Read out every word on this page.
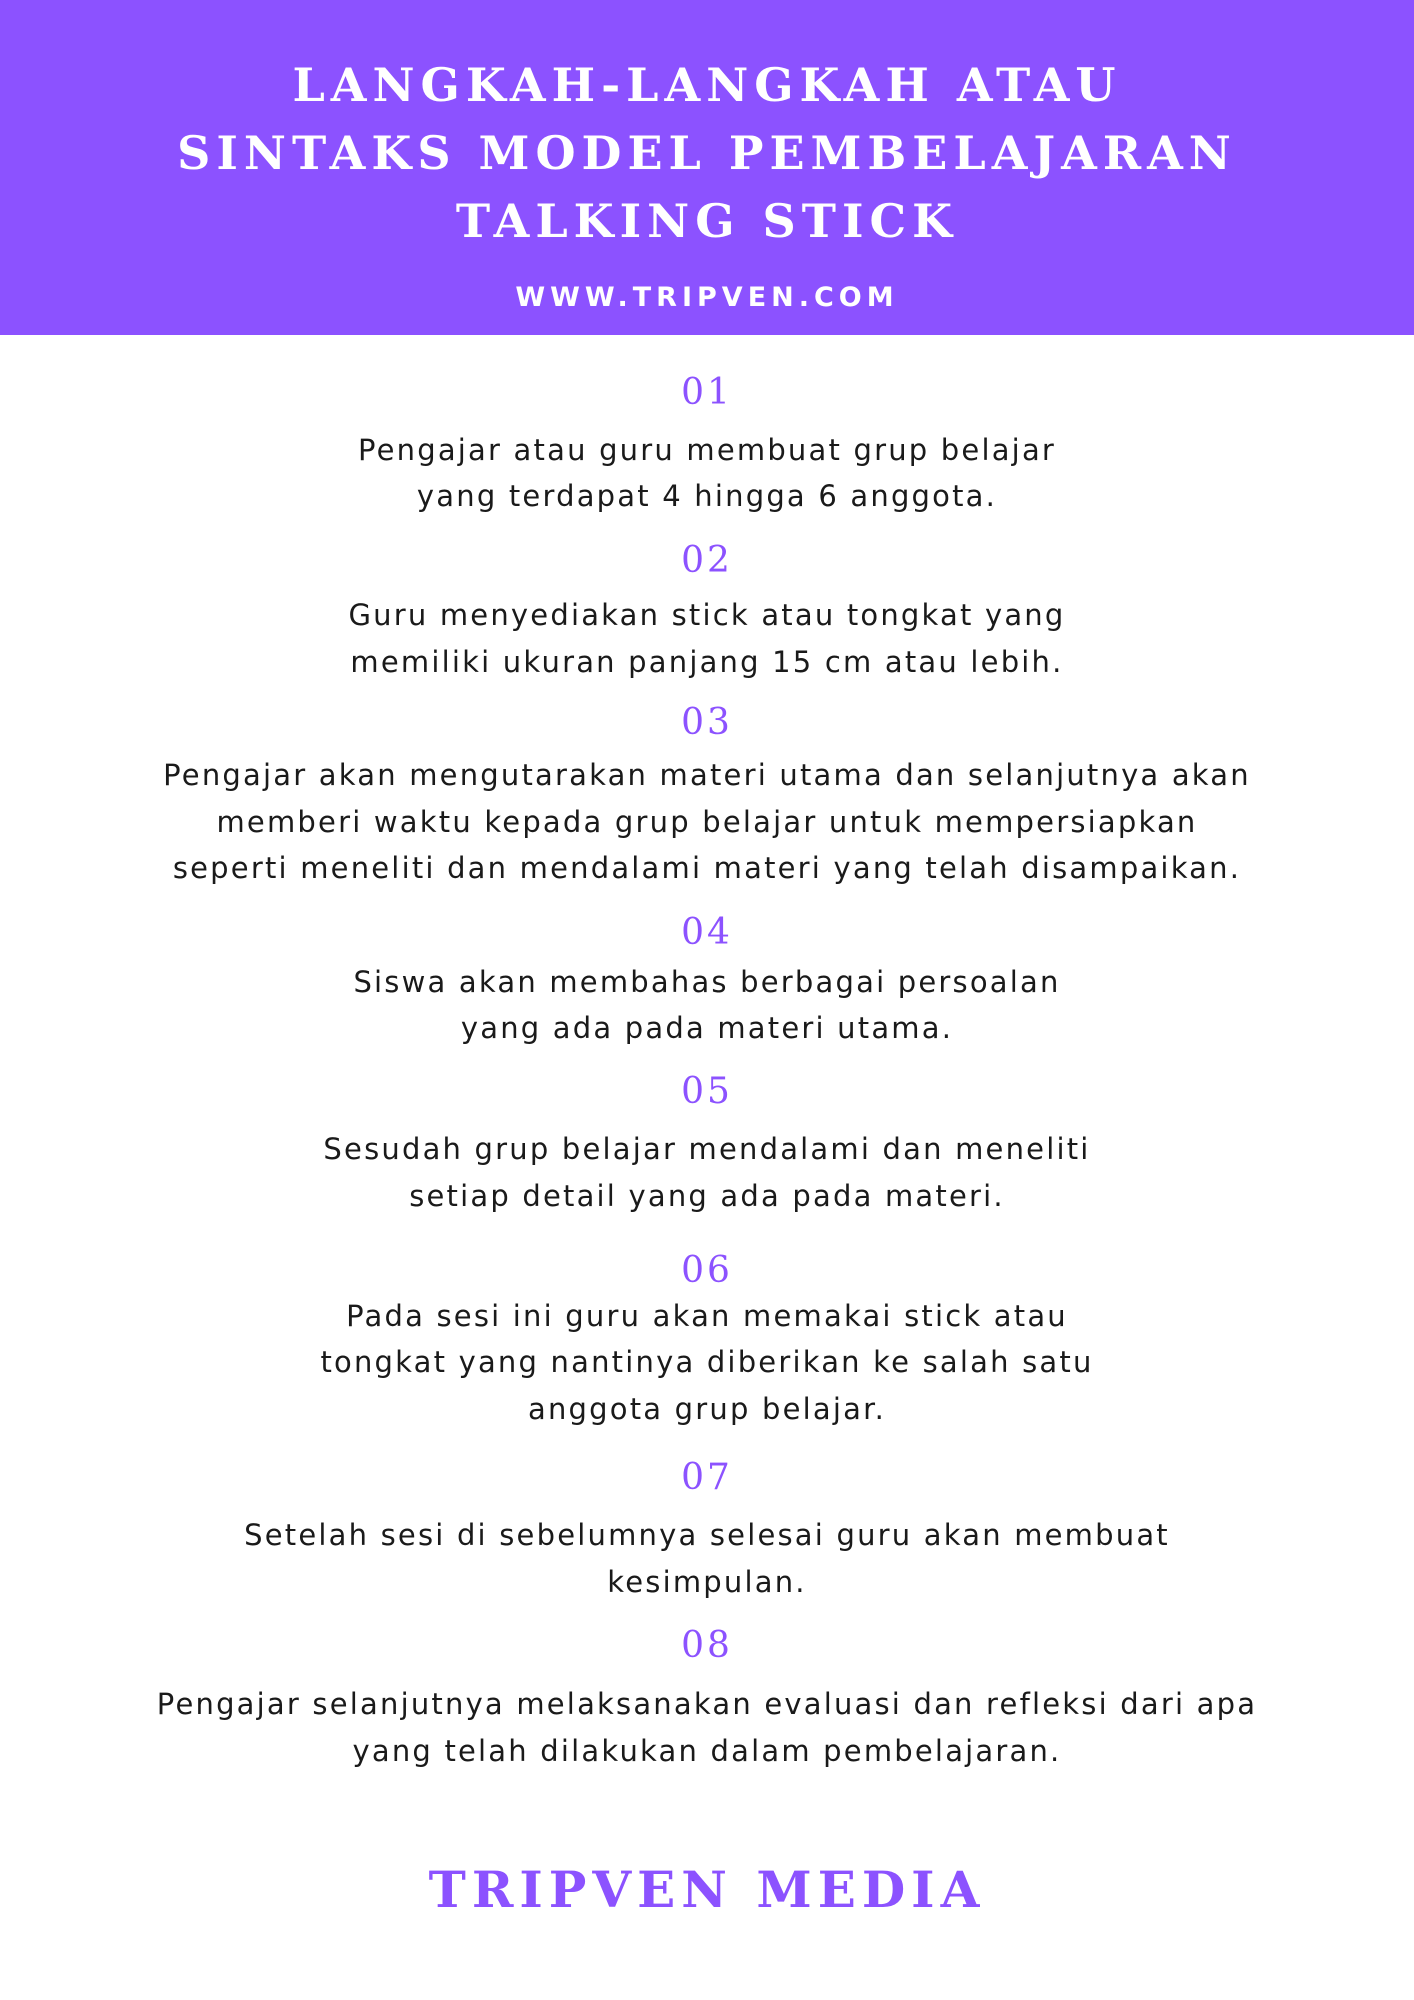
LANGKAH-LANGKAH ATAU
SINTAKS MODEL PEMBELAJARAN
TALKING STICK
WWW.TRIPVEN.COM
01
Pengajar atau guru membuat grup belajar
yang terdapat 4 hingga 6 anggota.
02
Guru menyediakan stick atau tongkat yang
memiliki ukuran panjang 15 cm atau lebih.
03
Pengajar akan mengutarakan materi utama dan selanjutnya akan
memberi waktu kepada grup belajar untuk mempersiapkan
seperti meneliti dan mendalami materi yang telah disampaikan.
04
Siswa akan membahas berbagai persoalan
yang ada pada materi utama.
05
Sesudah grup belajar mendalami dan meneliti
setiap detail yang ada pada materi.
06
Pada sesi ini guru akan memakai stick atau
tongkat yang nantinya diberikan ke salah satu
anggota grup belajar.
07
Setelah sesi di sebelumnya selesai guru akan membuat
kesimpulan.
08
Pengajar selanjutnya melaksanakan evaluasi dan refleksi dari apa
yang telah dilakukan dalam pembelajaran.
TRIPVEN MEDIA
